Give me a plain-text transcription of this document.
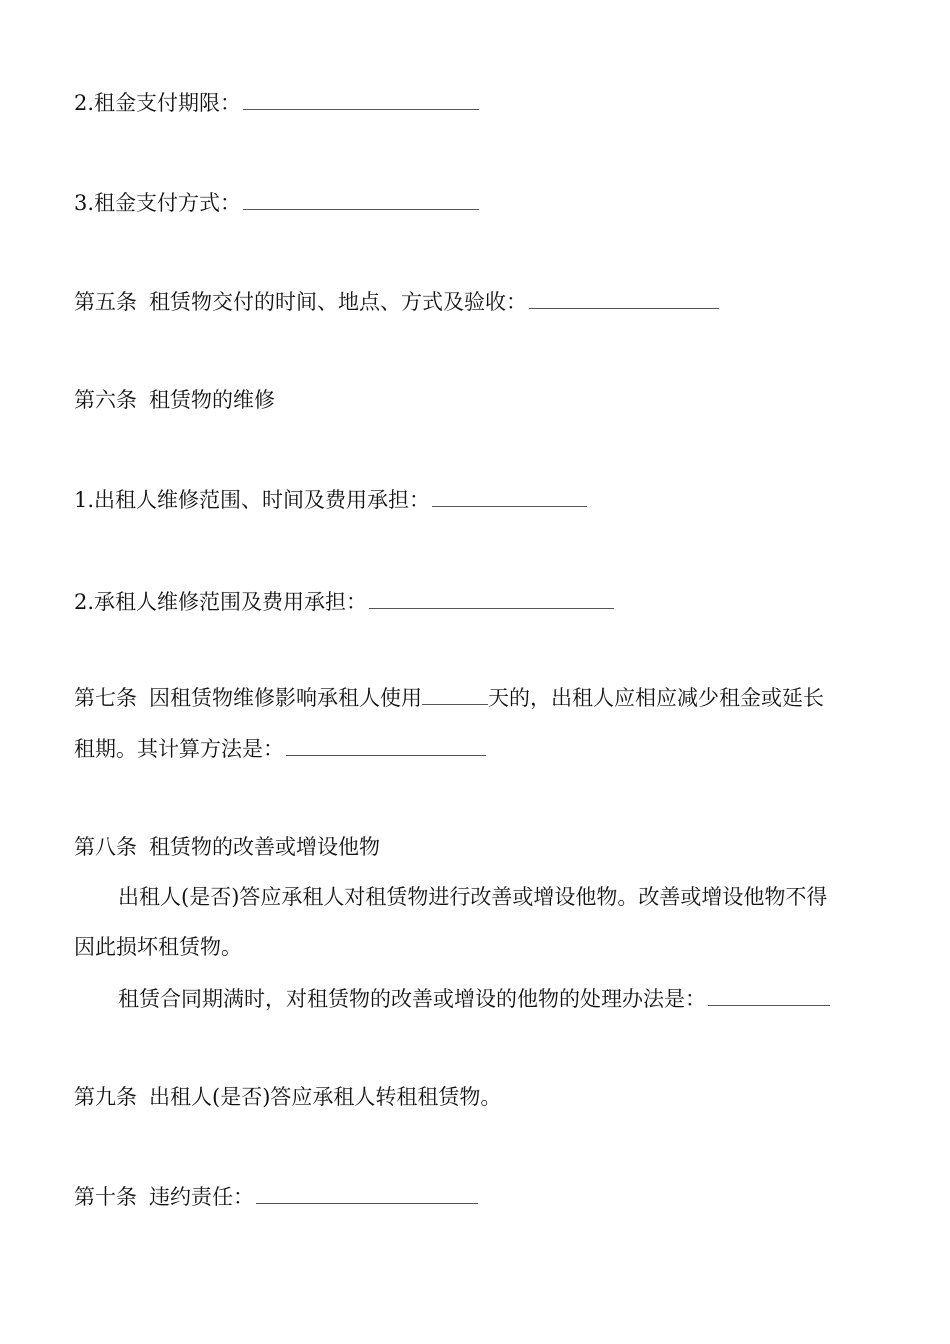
2.租金支付期限：
3.租金支付方式：
第五条 租赁物交付的时间、地点、方式及验收：
第六条 租赁物的维修
1.出租人维修范围、时间及费用承担：
2.承租人维修范围及费用承担：
第七条 因租赁物维修影响承租人使用	天的，出租人应相应减少租金或延长
租期。其计算方法是：
第八条 租赁物的改善或增设他物
出租人(是否)答应承租人对租赁物进行改善或增设他物。改善或增设他物不得
因此损坏租赁物。
租赁合同期满时，对租赁物的改善或增设的他物的处理办法是：
第九条 出租人(是否)答应承租人转租租赁物。
第十条 违约责任：
